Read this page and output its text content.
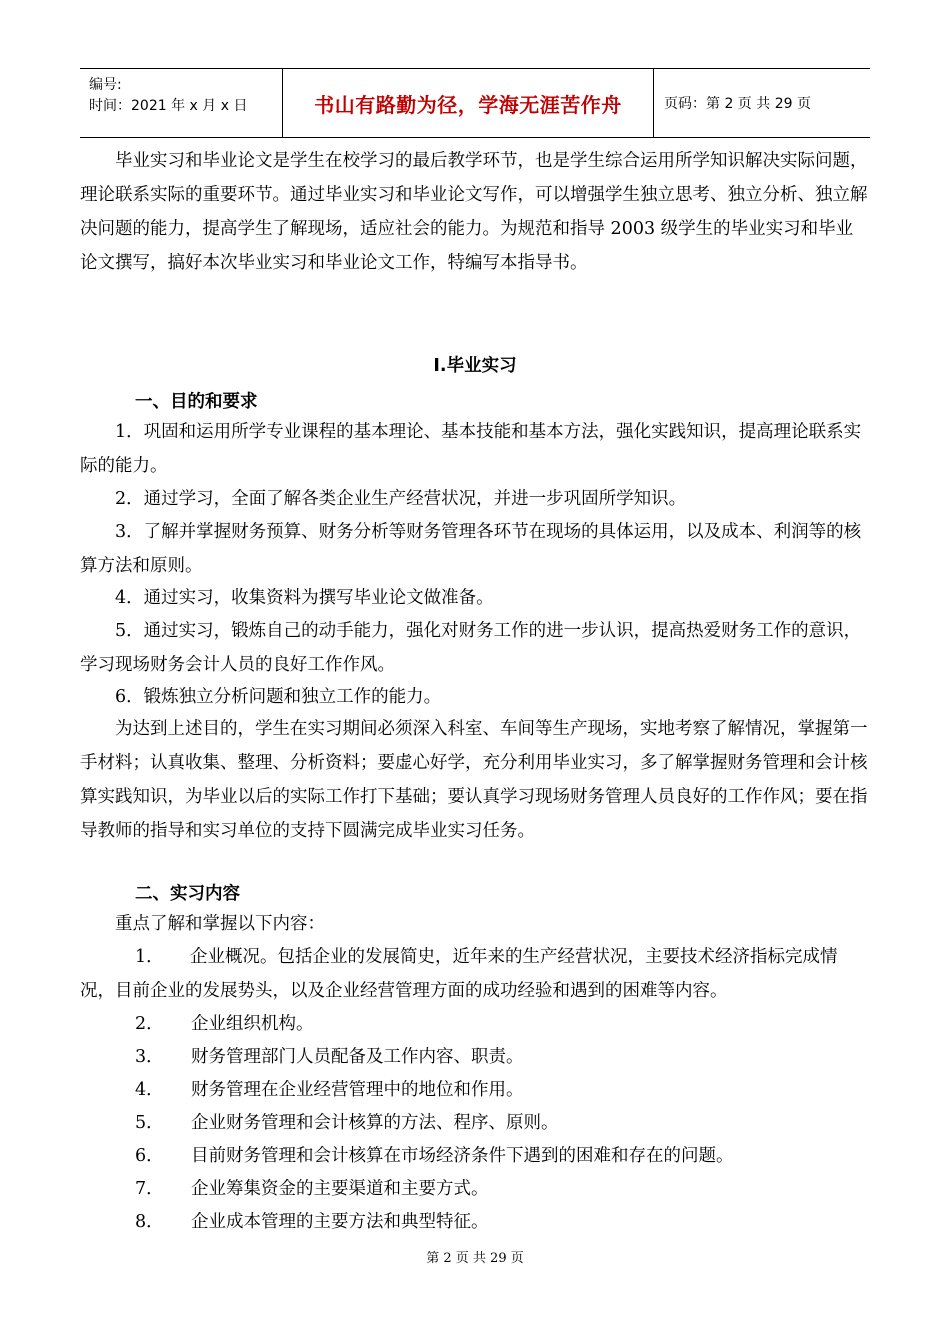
编号:
时间：2021 年 x 月 x 日	书山有路勤为径，学海无涯苦作舟	页码：第 2 页 共 29 页
毕业实习和毕业论文是学生在校学习的最后教学环节，也是学生综合运用所学知识解决实际问题，理论联系实际的重要环节。通过毕业实习和毕业论文写作，可以增强学生独立思考、独立分析、独立解决问题的能力，提高学生了解现场，适应社会的能力。为规范和指导 2003 级学生的毕业实习和毕业论文撰写，搞好本次毕业实习和毕业论文工作，特编写本指导书。
Ⅰ.毕业实习
一、目的和要求
1．巩固和运用所学专业课程的基本理论、基本技能和基本方法，强化实践知识，提高理论联系实际的能力。
2．通过学习，全面了解各类企业生产经营状况，并进一步巩固所学知识。
3．了解并掌握财务预算、财务分析等财务管理各环节在现场的具体运用，以及成本、利润等的核算方法和原则。
4．通过实习，收集资料为撰写毕业论文做准备。
5．通过实习，锻炼自己的动手能力，强化对财务工作的进一步认识，提高热爱财务工作的意识，学习现场财务会计人员的良好工作作风。
6．锻炼独立分析问题和独立工作的能力。
为达到上述目的，学生在实习期间必须深入科室、车间等生产现场，实地考察了解情况，掌握第一手材料；认真收集、整理、分析资料；要虚心好学，充分利用毕业实习，多了解掌握财务管理和会计核算实践知识，为毕业以后的实际工作打下基础；要认真学习现场财务管理人员良好的工作作风；要在指导教师的指导和实习单位的支持下圆满完成毕业实习任务。
二、实习内容
重点了解和掌握以下内容：
1． 企业概况。包括企业的发展简史，近年来的生产经营状况，主要技术经济指标完成情况，目前企业的发展势头，以及企业经营管理方面的成功经验和遇到的困难等内容。
2． 企业组织机构。
3． 财务管理部门人员配备及工作内容、职责。
4． 财务管理在企业经营管理中的地位和作用。
5． 企业财务管理和会计核算的方法、程序、原则。
6． 目前财务管理和会计核算在市场经济条件下遇到的困难和存在的问题。
7． 企业筹集资金的主要渠道和主要方式。
8． 企业成本管理的主要方法和典型特征。
第 2 页 共 29 页
